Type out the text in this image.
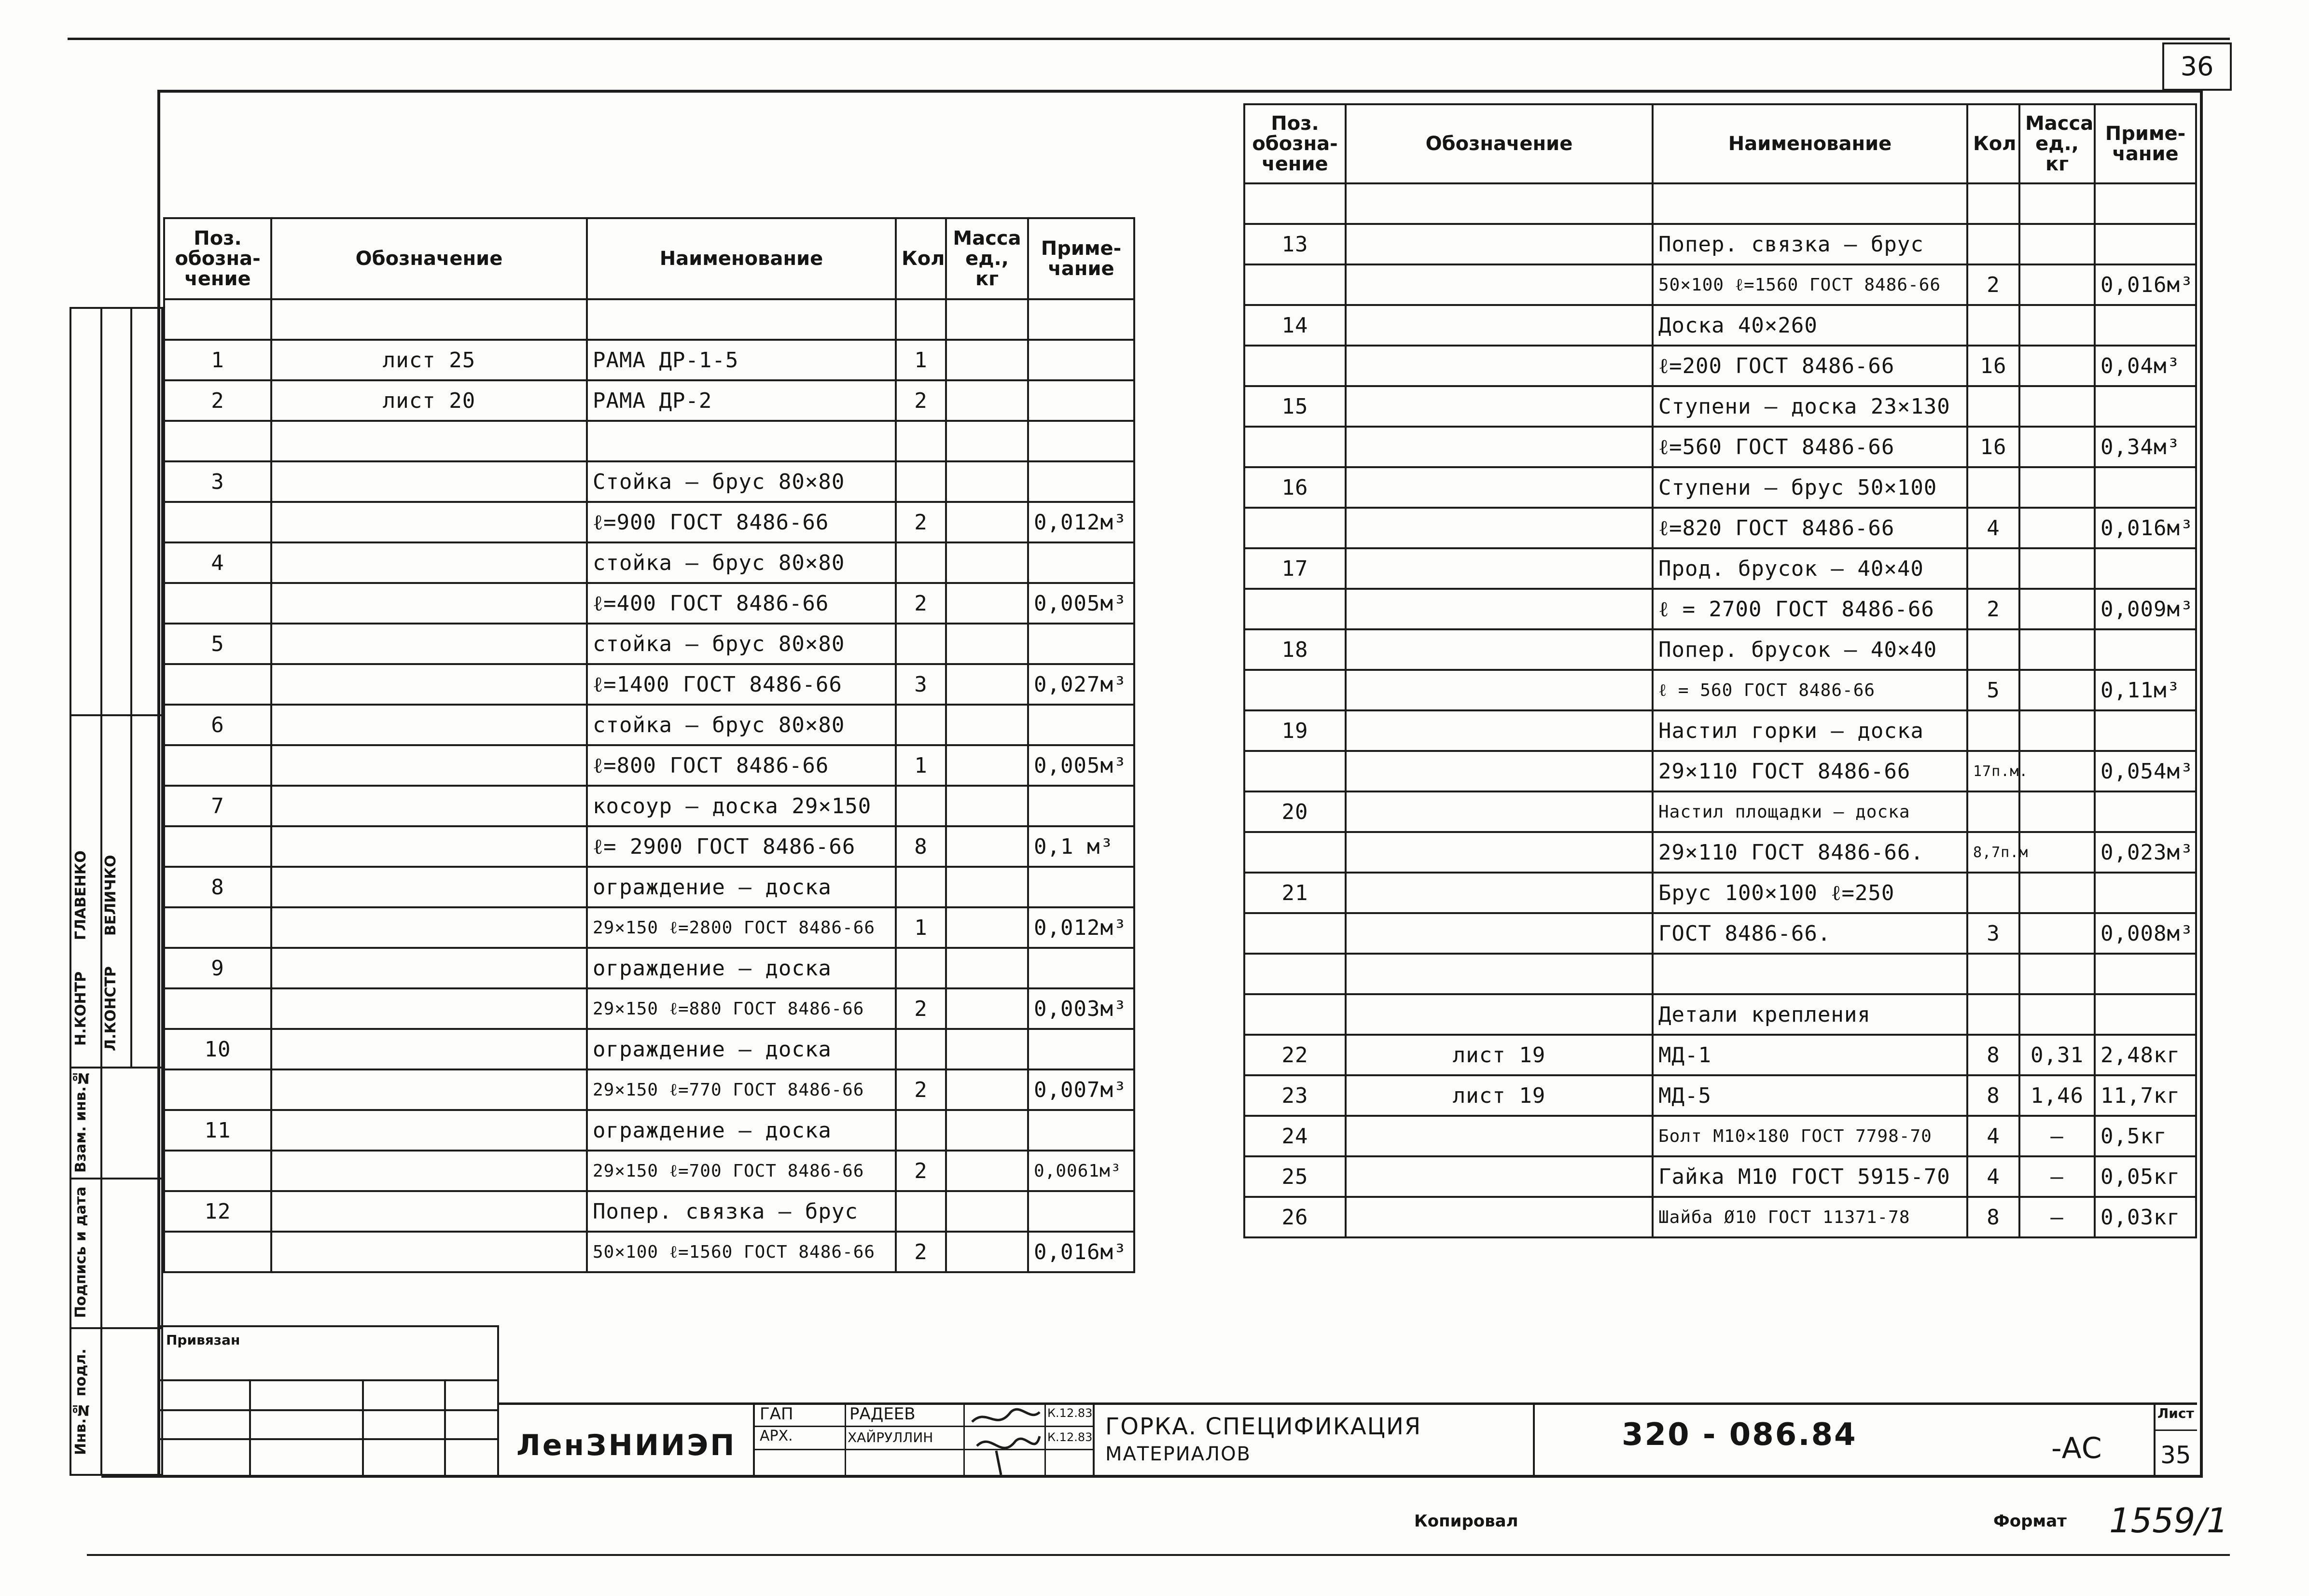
36
Поз. обозна- чение	Обозначение	Наименование	Кол	Масса ед., кг	Приме- чание

1	лист 25	РАМА ДР-1-5	1		
2	лист 20	РАМА ДР-2	2		

3		Стойка – брус 80×80			
		ℓ=900 ГОСТ 8486-66	2		0,012м³
4		стойка – брус 80×80			
		ℓ=400 ГОСТ 8486-66	2		0,005м³
5		стойка – брус 80×80			
		ℓ=1400 ГОСТ 8486-66	3		0,027м³
6		стойка – брус 80×80			
		ℓ=800 ГОСТ 8486-66	1		0,005м³
7		косоур – доска 29×150			
		ℓ= 2900 ГОСТ 8486-66	8		0,1 м³
8		ограждение – доска			
		29×150 ℓ=2800 ГОСТ 8486-66	1		0,012м³
9		ограждение – доска			
		29×150 ℓ=880 ГОСТ 8486-66	2		0,003м³
10		ограждение – доска			
		29×150 ℓ=770 ГОСТ 8486-66	2		0,007м³
11		ограждение – доска			
		29×150 ℓ=700 ГОСТ 8486-66	2		0,0061м³
12		Попер. связка – брус			
		50×100 ℓ=1560 ГОСТ 8486-66	2		0,016м³
Поз. обозна- чение	Обозначение	Наименование	Кол	Масса ед., кг	Приме- чание

13		Попер. связка – брус			
		50×100 ℓ=1560 ГОСТ 8486-66	2		0,016м³
14		Доска 40×260			
		ℓ=200 ГОСТ 8486-66	16		0,04м³
15		Ступени – доска 23×130			
		ℓ=560 ГОСТ 8486-66	16		0,34м³
16		Ступени – брус 50×100			
		ℓ=820 ГОСТ 8486-66	4		0,016м³
17		Прод. брусок – 40×40			
		ℓ = 2700 ГОСТ 8486-66	2		0,009м³
18		Попер. брусок – 40×40			
		ℓ = 560 ГОСТ 8486-66	5		0,11м³
19		Настил горки – доска			
		29×110 ГОСТ 8486-66	17п.м.		0,054м³
20		Настил площадки – доска			
		29×110 ГОСТ 8486-66.	8,7п.м		0,023м³
21		Брус 100×100 ℓ=250			
		ГОСТ 8486-66.	3		0,008м³

		Детали крепления			
22	лист 19	МД-1	8	0,31	2,48кг
23	лист 19	МД-5	8	1,46	11,7кг
24		Болт М10×180 ГОСТ 7798-70	4	–	0,5кг
25		Гайка М10 ГОСТ 5915-70	4	–	0,05кг
26		Шайба Ø10 ГОСТ 11371-78	8	–	0,03кг
Н.КОНТР Л.КОНСТР
ГЛАВЕНКО ВЕЛИЧКО
Инв.№ подл.
Подпись и дата
Взам. инв.№
Привязан
ЛенЗНИИЭП
ГАП	РАДЕЕВ	К.12.83
АРХ.	ХАЙРУЛЛИН	К.12.83 ГОРКА. СПЕЦИФИКАЦИЯ
МАТЕРИАЛОВ
320 - 086.84	-АС
Лист
35
Копировал	Формат 1559/1
